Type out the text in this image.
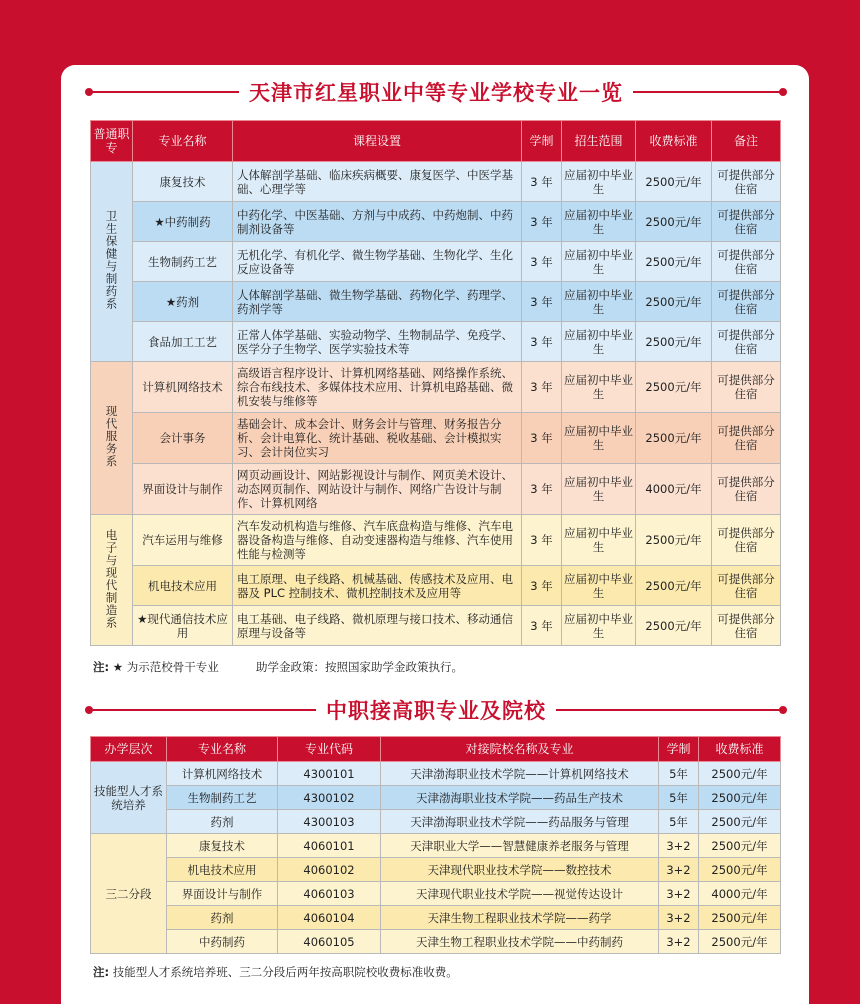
天津市红星职业中等专业学校专业一览
普通职专	专业名称	课程设置	学制	招生范围	收费标准	备注
卫生保健与制药系	康复技术	人体解剖学基础、临床疾病概要、康复医学、中医学基础、心理学等	3 年	应届初中毕业生	2500元/年	可提供部分住宿
	★中药制药	中药化学、中医基础、方剂与中成药、中药炮制、中药制剂设备等	3 年	应届初中毕业生	2500元/年	可提供部分住宿
	生物制药工艺	无机化学、有机化学、微生物学基础、生物化学、生化反应设备等	3 年	应届初中毕业生	2500元/年	可提供部分住宿
	★药剂	人体解剖学基础、微生物学基础、药物化学、药理学、药剂学等	3 年	应届初中毕业生	2500元/年	可提供部分住宿
	食品加工工艺	正常人体学基础、实验动物学、生物制品学、免疫学、医学分子生物学、医学实验技术等	3 年	应届初中毕业生	2500元/年	可提供部分住宿
现代服务系	计算机网络技术	高级语言程序设计、计算机网络基础、网络操作系统、综合布线技术、多媒体技术应用、计算机电路基础、微机安装与维修等	3 年	应届初中毕业生	2500元/年	可提供部分住宿
	会计事务	基础会计、成本会计、财务会计与管理、财务报告分析、会计电算化、统计基础、税收基础、会计模拟实习、会计岗位实习	3 年	应届初中毕业生	2500元/年	可提供部分住宿
	界面设计与制作	网页动画设计、网站影视设计与制作、网页美术设计、动态网页制作、网站设计与制作、网络广告设计与制作、计算机网络	3 年	应届初中毕业生	4000元/年	可提供部分住宿
电子与现代制造系	汽车运用与维修	汽车发动机构造与维修、汽车底盘构造与维修、汽车电器设备构造与维修、自动变速器构造与维修、汽车使用性能与检测等	3 年	应届初中毕业生	2500元/年	可提供部分住宿
	机电技术应用	电工原理、电子线路、机械基础、传感技术及应用、电器及 PLC 控制技术、微机控制技术及应用等	3 年	应届初中毕业生	2500元/年	可提供部分住宿
	★现代通信技术应用	电工基础、电子线路、微机原理与接口技术、移动通信原理与设备等	3 年	应届初中毕业生	2500元/年	可提供部分住宿
注: ★ 为示范校骨干专业	助学金政策：按照国家助学金政策执行。
中职接高职专业及院校
办学层次	专业名称	专业代码	对接院校名称及专业	学制	收费标准
技能型人才系统培养	计算机网络技术	4300101	天津渤海职业技术学院——计算机网络技术	5年	2500元/年
	生物制药工艺	4300102	天津渤海职业技术学院——药品生产技术	5年	2500元/年
	药剂	4300103	天津渤海职业技术学院——药品服务与管理	5年	2500元/年
三二分段	康复技术	4060101	天津职业大学——智慧健康养老服务与管理	3+2	2500元/年
	机电技术应用	4060102	天津现代职业技术学院——数控技术	3+2	2500元/年
	界面设计与制作	4060103	天津现代职业技术学院——视觉传达设计	3+2	4000元/年
	药剂	4060104	天津生物工程职业技术学院——药学	3+2	2500元/年
	中药制药	4060105	天津生物工程职业技术学院——中药制药	3+2	2500元/年
注: 技能型人才系统培养班、三二分段后两年按高职院校收费标准收费。
